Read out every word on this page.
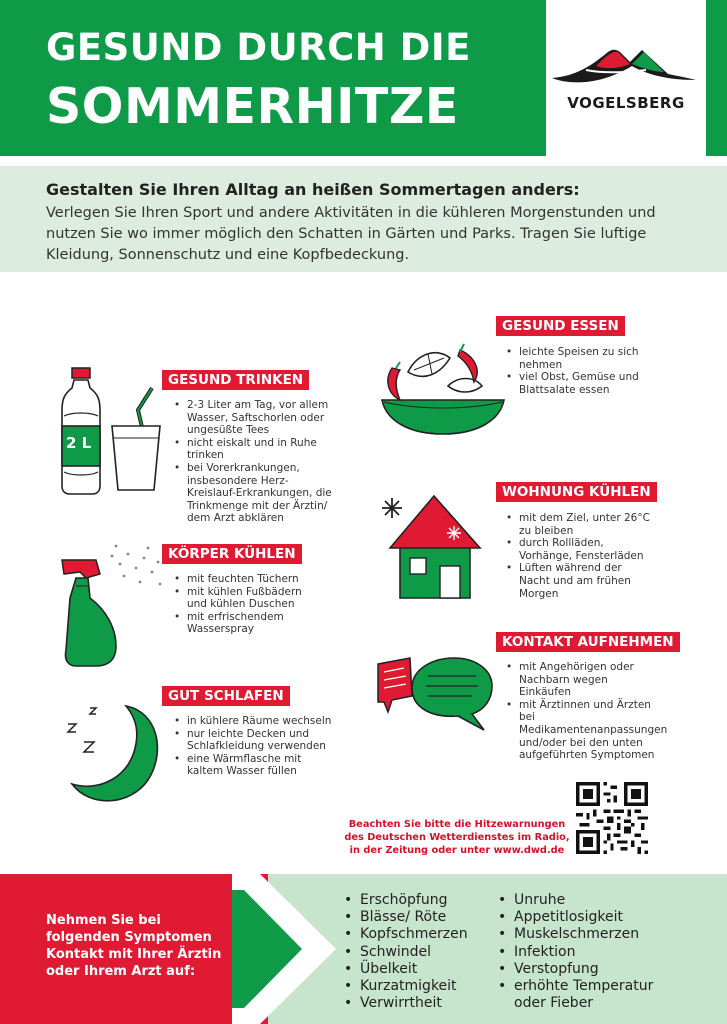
GESUND DURCH DIE
SOMMERHITZE	VOGELSBERG
Gestalten Sie Ihren Alltag an heißen Sommertagen anders:
Verlegen Sie Ihren Sport und andere Aktivitäten in die kühleren Morgenstunden und nutzen Sie wo immer möglich den Schatten in Gärten und Parks. Tragen Sie luftige Kleidung, Sonnenschutz und eine Kopfbedeckung.
2 L
GESUND TRINKEN
• 2-3 Liter am Tag, vor allem Wasser, Saftschorlen oder ungesüßte Tees
• nicht eiskalt und in Ruhe trinken
• bei Vorerkrankungen, insbesondere Herz-Kreislauf-Erkrankungen, die Trinkmenge mit der Ärztin/ dem Arzt abklären
GESUND ESSEN
• leichte Speisen zu sich nehmen
• viel Obst, Gemüse und Blattsalate essen
KÖRPER KÜHLEN
• mit feuchten Tüchern
• mit kühlen Fußbädern und kühlen Duschen
• mit erfrischendem Wasserspray
WOHNUNG KÜHLEN
• mit dem Ziel, unter 26°C zu bleiben
• durch Rollläden, Vorhänge, Fensterläden
• Lüften während der Nacht und am frühen Morgen
GUT SCHLAFEN
• in kühlere Räume wechseln
• nur leichte Decken und Schlafkleidung verwenden
• eine Wärmflasche mit kaltem Wasser füllen
KONTAKT AUFNEHMEN
• mit Angehörigen oder Nachbarn wegen Einkäufen
• mit Ärztinnen und Ärzten bei Medikamentenanpassungen und/oder bei den unten aufgeführten Symptomen
Beachten Sie bitte die Hitzewarnungen des Deutschen Wetterdienstes im Radio, in der Zeitung oder unter www.dwd.de
Nehmen Sie bei folgenden Symptomen Kontakt mit Ihrer Ärztin oder Ihrem Arzt auf:
• Erschöpfung
• Blässe/ Röte
• Kopfschmerzen
• Schwindel
• Übelkeit
• Kurzatmigkeit
• Verwirrtheit
• Unruhe
• Appetitlosigkeit
• Muskelschmerzen
• Infektion
• Verstopfung
• erhöhte Temperatur oder Fieber
